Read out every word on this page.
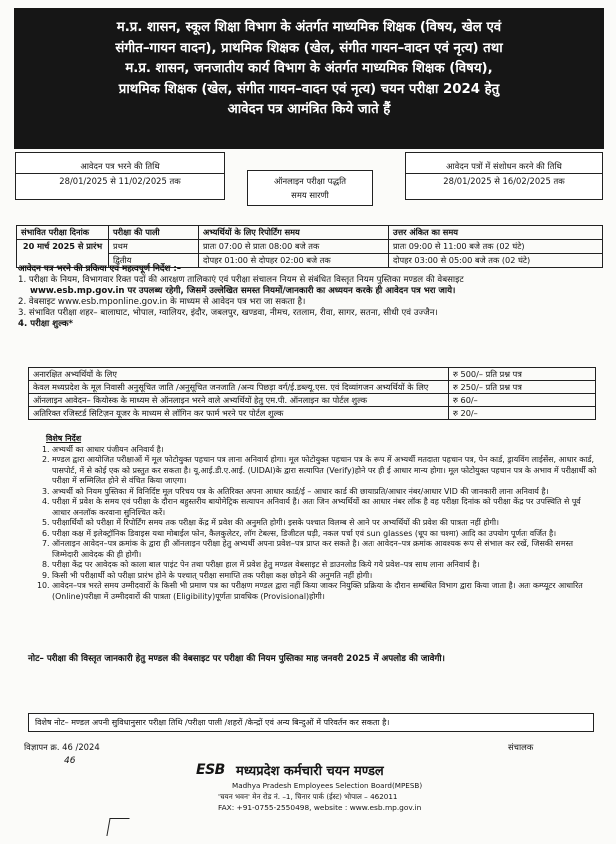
म.प्र. शासन, स्कूल शिक्षा विभाग के अंतर्गत माध्यमिक शिक्षक (विषय, खेल एवं
संगीत–गायन वादन), प्राथमिक शिक्षक (खेल, संगीत गायन–वादन एवं नृत्य) तथा
म.प्र. शासन, जनजातीय कार्य विभाग के अंतर्गत माध्यमिक शिक्षक (विषय),
प्राथमिक शिक्षक (खेल, संगीत गायन–वादन एवं नृत्य) चयन परीक्षा 2024 हेतु
आवेदन पत्र आमंत्रित किये जाते हैं
आवेदन पत्र भरने की तिथि
28/01/2025 से 11/02/2025 तक	ऑनलाइन परीक्षा पद्धति
समय सारणी
आवेदन पत्रों में संशोधन करने की तिथि
28/01/2025 से 16/02/2025 तक
संभावित परीक्षा दिनांक	परीक्षा की पाली	अभ्यर्थियों के लिए रिपोर्टिंग समय	उत्तर अंकित का समय
20 मार्च 2025 से प्रारंभ	प्रथम	प्रातः 07:00 से प्रातः 08:00 बजे तक	प्रातः 09:00 से 11:00 बजे तक (02 घंटे)
	द्वितीय	दोपहर 01:00 से दोपहर 02:00 बजे तक	दोपहर 03:00 से 05:00 बजे तक (02 घंटे)
आवेदन पत्र भरने की प्रकिया एवं महत्वपूर्ण निर्देश :–
1. परीक्षा के नियम, विभागवार रिक्त पदों की आरक्षण तालिकाएं एवं परीक्षा संचालन नियम से संबंधित विस्तृत नियम पुस्तिका मण्डल की वेबसाइट
www.esb.mp.gov.in पर उपलब्ध रहेगी, जिसमें उल्लेखित समस्त नियमों/जानकारी का अध्ययन करके ही आवेदन पत्र भरा जाये।
2. वेबसाइट www.esb.mponline.gov.in के माध्यम से आवेदन पत्र भरा जा सकता है।
3. संभावित परीक्षा शहर– बालाघाट, भोपाल, ग्वालियर, इंदौर, जबलपुर, खण्डवा, नीमच, रतलाम, रीवा, सागर, सतना, सीधी एवं उज्जैन।
4. परीक्षा शुल्क*
अनारक्षित अभ्यर्थियों के लिए	रु 500/– प्रति प्रश्न पत्र
केवल मध्यप्रदेश के मूल निवासी अनुसूचित जाति /अनुसूचित जनजाति /अन्य पिछड़ा वर्ग/ई.डब्ल्यू.एस. एवं दिव्यांगजन अभ्यर्थियों के लिए	रु 250/– प्रति प्रश्न पत्र
ऑनलाइन आवेदन– कियोस्क के माध्यम से ऑनलाइन भरने वाले अभ्यर्थियों हेतु एम.पी. ऑनलाइन का पोर्टल शुल्क	रु 60/–
अतिरिक्त रजिस्टर्ड सिटिज़न यूजर के माध्यम से लॉगिन कर फार्म भरने पर पोर्टल शुल्क	रु 20/–
विशेष निर्देश
1. अभ्यर्थी का आधार पंजीयन अनिवार्य है।
2. मण्डल द्वारा आयोजित परीक्षाओं में मूल फोटोयुक्त पहचान पत्र लाना अनिवार्य होगा। मूल फोटोयुक्त पहचान पत्र के रूप में अभ्यर्थी मतदाता पहचान पत्र, पेन कार्ड, ड्रायविंग लाईसेंस, आधार कार्ड, पासपोर्ट, में से कोई एक को प्रस्तुत कर सकता है। यू.आई.डी.ए.आई. (UIDAI)के द्वारा सत्यापित (Verify)होने पर ही ई आधार मान्य होगा। मूल फोटोयुक्त पहचान पत्र के अभाव में परीक्षार्थी को परीक्षा में सम्मिलित होने से वंचित किया जाएगा।
3. अभ्यर्थी को नियम पुस्तिका में विनिर्दिष्ट मूल परिचय पत्र के अतिरिक्त अपना आधार कार्ड/ई – आधार कार्ड की छायाप्रति/आधार नंबर/आधार VID की जानकारी लाना अनिवार्य है।
4. परीक्षा में प्रवेश के समय एवं परीक्षा के दौरान बहुस्तरीय बायोमेट्रिक सत्यापन अनिवार्य है। अतः जिन अभ्यर्थियों का आधार नंबर लॉक है वह परीक्षा दिनांक को परीक्षा केंद्र पर उपस्थिति से पूर्व आधार अनलॉक करवाना सुनिश्चित करें।
5. परीक्षार्थियों को परीक्षा में रिपोर्टिंग समय तक परीक्षा केंद्र में प्रवेश की अनुमति होगी। इसके पश्चात विलम्ब से आने पर अभ्यर्थियों की प्रवेश की पात्रता नहीं होगी।
6. परीक्षा कक्ष में इलेक्ट्रॉनिक डिवाइस यथा मोबाईल फोन, कैलकुलेटर, लॉग टेबल्स, डिजीटल घड़ी, नकल पर्चा एवं sun glasses (धूप का चश्मा) आदि का उपयोग पूर्णतः वर्जित है।
7. ऑनलाइन आवेदन–पत्र क्रमांक के द्वारा ही ऑनलाइन परीक्षा हेतु अभ्यर्थी अपना प्रवेश–पत्र प्राप्त कर सकते है। अतः आवेदन–पत्र क्रमांक आवश्यक रूप से संभाल कर रखें, जिसकी समस्त जिम्मेदारी आवेदक की ही होगी।
8. परीक्षा केंद्र पर आवेदक को काला बाल पाइंट पेन तथा परीक्षा हाल में प्रवेश हेतु मण्डल वेबसाइट से डाउनलोड किये गये प्रवेश–पत्र साथ लाना अनिवार्य है।
9. किसी भी परीक्षार्थी को परीक्षा प्रारंभ होने के पश्चात् परीक्षा समाप्ति तक परीक्षा कक्ष छोड़ने की अनुमति नहीं होगी।
10. आवेदन–पत्र भरते समय उम्मीदवारों के किसी भी प्रमाण पत्र का परीक्षण मण्डल द्वारा नहीं किया जाकर नियुक्ति प्रक्रिया के दौरान सम्बंधित विभाग द्वारा किया जाता है। अतः कम्प्यूटर आधारित (Online)परीक्षा में उम्मीदवारों की पात्रता (Eligibility)पूर्णतः प्रावधिक (Provisional)होगी।
नोट– परीक्षा की विस्तृत जानकारी हेतु मण्डल की वेबसाइट पर परीक्षा की नियम पुस्तिका माह जनवरी 2025 में अपलोड की जावेगी।
विशेष नोट– मण्डल अपनी सुविधानुसार परीक्षा तिथि /परीक्षा पाली /शहरों /केन्द्रों एवं अन्य बिन्दुओं में परिवर्तन कर सकता है।
विज्ञापन क्र. 46 /2024
46
संचालक
ESB मध्यप्रदेश कर्मचारी चयन मण्डल
Madhya Pradesh Employees Selection Board(MPESB)
'चयन भवन' मेन रोड नं. –1, चिनार पार्क (ईस्ट) भोपाल – 462011
FAX: +91-0755-2550498, website : www.esb.mp.gov.in
